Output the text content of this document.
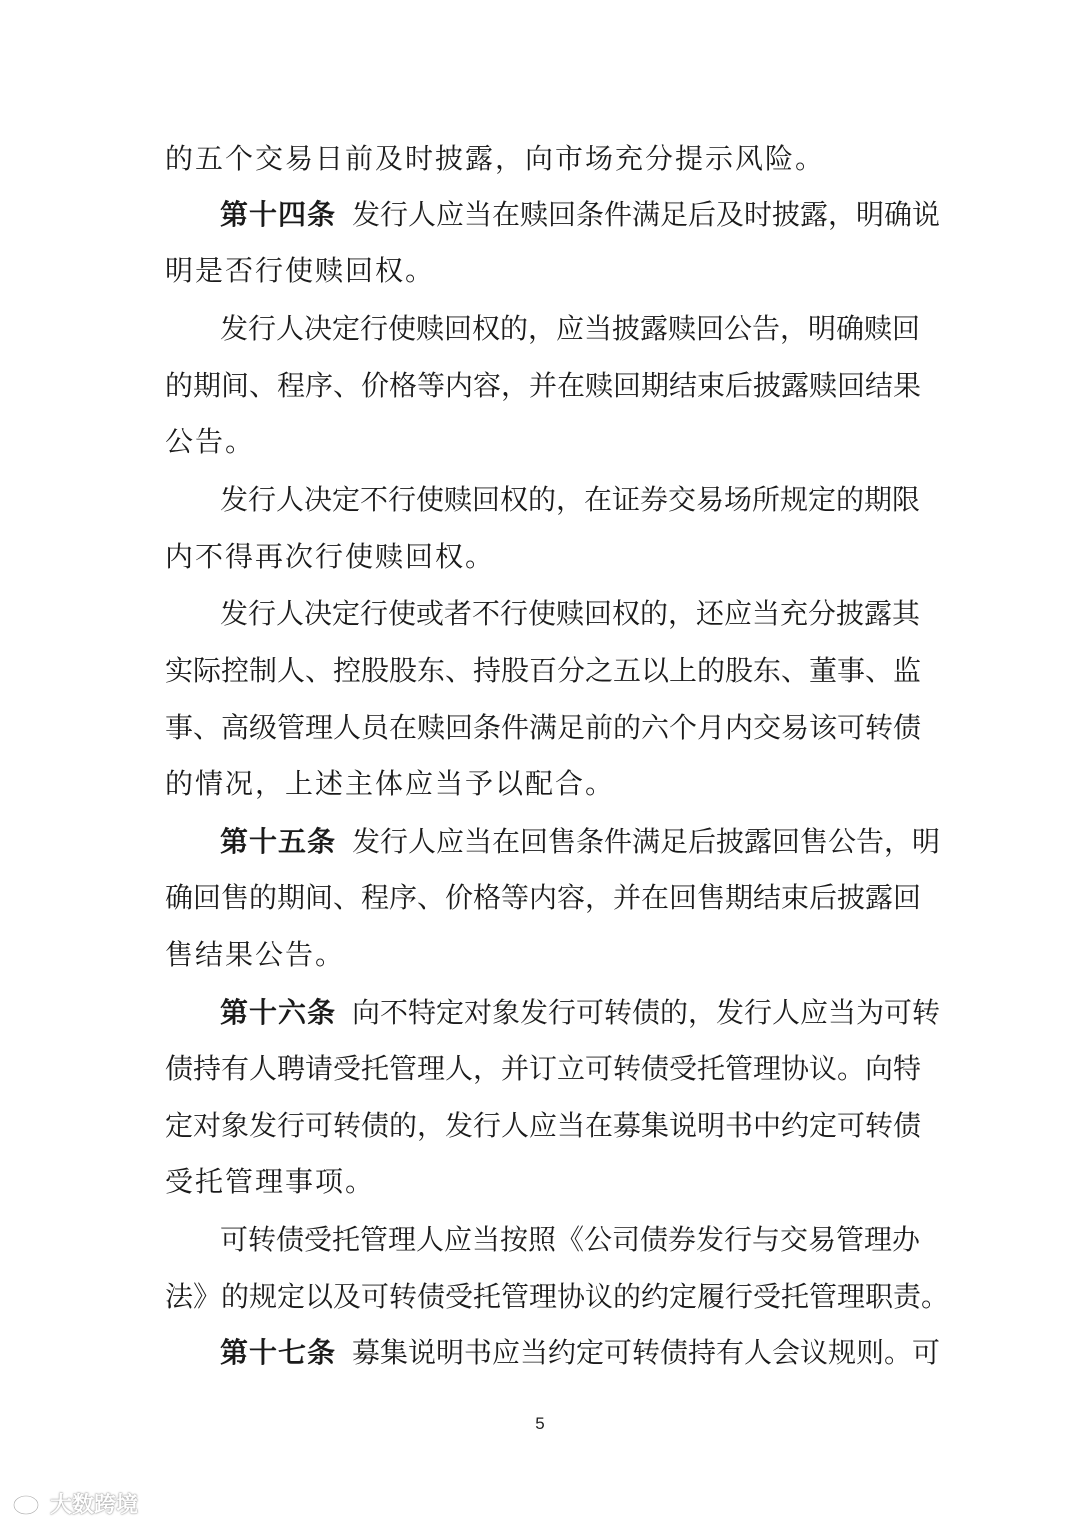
的五个交易日前及时披露，向市场充分提示风险。
第十四条 发行人应当在赎回条件满足后及时披露，明确说
明是否行使赎回权。
发行人决定行使赎回权的，应当披露赎回公告，明确赎回
的期间、程序、价格等内容，并在赎回期结束后披露赎回结果
公告。
发行人决定不行使赎回权的，在证券交易场所规定的期限
内不得再次行使赎回权。
发行人决定行使或者不行使赎回权的，还应当充分披露其
实际控制人、控股股东、持股百分之五以上的股东、董事、监
事、高级管理人员在赎回条件满足前的六个月内交易该可转债
的情况，上述主体应当予以配合。
第十五条 发行人应当在回售条件满足后披露回售公告，明
确回售的期间、程序、价格等内容，并在回售期结束后披露回
售结果公告。
第十六条 向不特定对象发行可转债的，发行人应当为可转
债持有人聘请受托管理人，并订立可转债受托管理协议。向特
定对象发行可转债的，发行人应当在募集说明书中约定可转债
受托管理事项。
可转债受托管理人应当按照《公司债券发行与交易管理办
法》的规定以及可转债受托管理协议的约定履行受托管理职责。
第十七条 募集说明书应当约定可转债持有人会议规则。可
5
大数跨境
